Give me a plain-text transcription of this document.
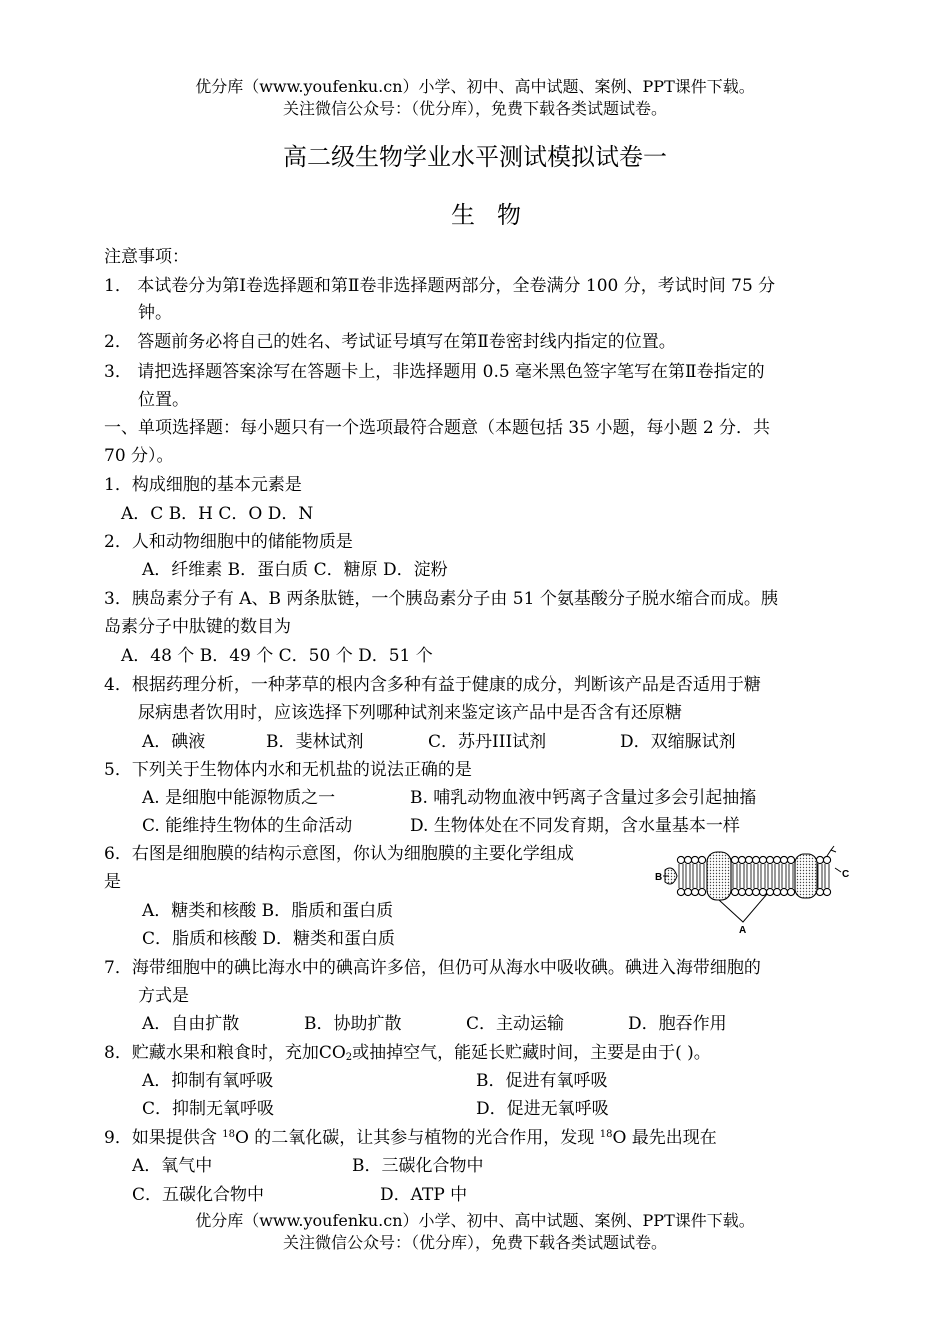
优分库（www.youfenku.cn）小学、初中、高中试题、案例、PPT课件下载。
关注微信公众号：（优分库），免费下载各类试题试卷。
高二级生物学业水平测试模拟试卷一
生物
注意事项：
1． 本试卷分为第Ⅰ卷选择题和第Ⅱ卷非选择题两部分，全卷满分 100 分，考试时间 75 分
钟。
2． 答题前务必将自己的姓名、考试证号填写在第Ⅱ卷密封线内指定的位置。
3． 请把选择题答案涂写在答题卡上，非选择题用 0.5 毫米黑色签字笔写在第Ⅱ卷指定的
位置。
一、单项选择题：每小题只有一个选项最符合题意（本题包括 35 小题，每小题 2 分．共
70 分）。
1．构成细胞的基本元素是
A．C B．H C．O D．N
2．人和动物细胞中的储能物质是
A．纤维素 B．蛋白质 C．糖原 D．淀粉
3．胰岛素分子有 A、B 两条肽链，一个胰岛素分子由 51 个氨基酸分子脱水缩合而成。胰
岛素分子中肽键的数目为
A．48 个 B．49 个 C．50 个 D．51 个
4．根据药理分析，一种茅草的根内含多种有益于健康的成分，判断该产品是否适用于糖
尿病患者饮用时，应该选择下列哪种试剂来鉴定该产品中是否含有还原糖
A．碘液	B．斐林试剂	C．苏丹III试剂	D．双缩脲试剂
5．下列关于生物体内水和无机盐的说法正确的是
A. 是细胞中能源物质之一	B. 哺乳动物血液中钙离子含量过多会引起抽搐
C. 能维持生物体的生命活动	D. 生物体处在不同发育期，含水量基本一样
6．右图是细胞膜的结构示意图，你认为细胞膜的主要化学组成
是
A．糖类和核酸 B．脂质和蛋白质
C．脂质和核酸 D．糖类和蛋白质
B	C
A
7．海带细胞中的碘比海水中的碘高许多倍，但仍可从海水中吸收碘。碘进入海带细胞的
方式是
A．自由扩散	B．协助扩散	C．主动运输	D．胞吞作用
8．贮藏水果和粮食时，充加$CO_2$或抽掉空气，能延长贮藏时间，主要是由于( )。
A．抑制有氧呼吸	B．促进有氧呼吸
C．抑制无氧呼吸	D．促进无氧呼吸
9．如果提供含 $^{18}$O 的二氧化碳，让其参与植物的光合作用，发现 $^{18}$O 最先出现在
A．氧气中	B．三碳化合物中
C．五碳化合物中	D．ATP 中
优分库（www.youfenku.cn）小学、初中、高中试题、案例、PPT课件下载。
关注微信公众号：（优分库），免费下载各类试题试卷。
